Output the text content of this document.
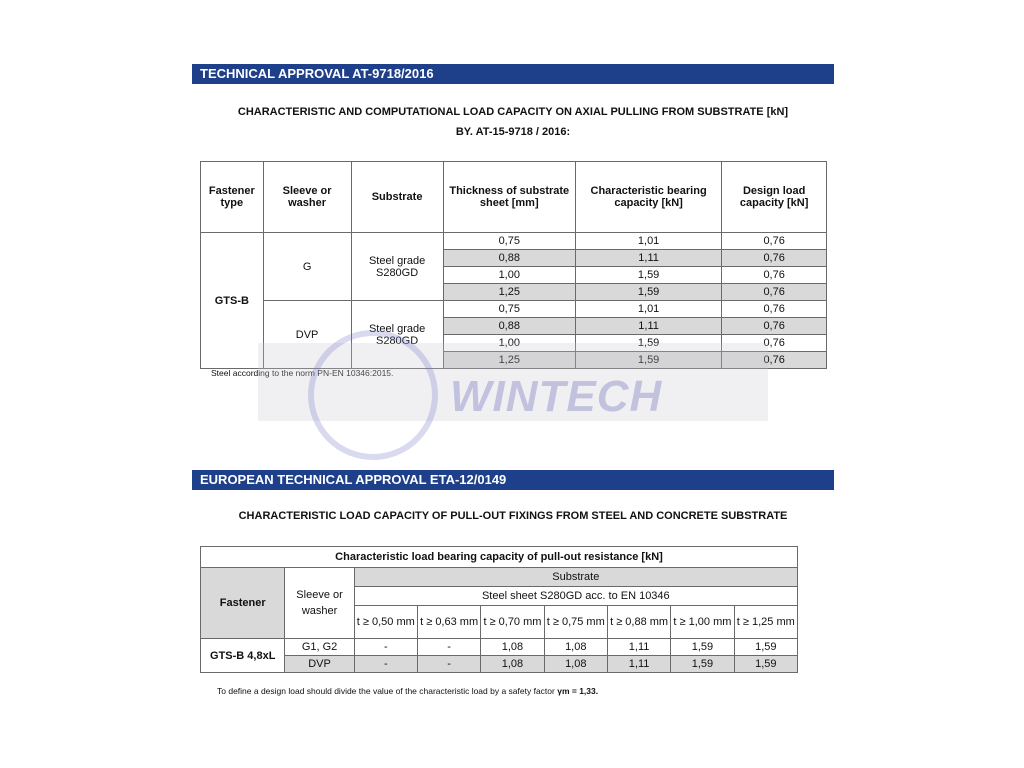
TECHNICAL APPROVAL AT-9718/2016
CHARACTERISTIC AND COMPUTATIONAL LOAD CAPACITY ON AXIAL PULLING FROM SUBSTRATE [kN]
BY. AT-15-9718 / 2016:
Fastener type	Sleeve or washer	Substrate	Thickness of substrate sheet [mm]	Characteristic bearing capacity [kN]	Design load capacity [kN]
GTS-B	G	Steel grade S280GD	0,75	1,01	0,76
			0,88	1,11	0,76
			1,00	1,59	0,76
			1,25	1,59	0,76
	DVP	Steel grade S280GD	0,75	1,01	0,76
			0,88	1,11	0,76
			1,00	1,59	0,76
			1,25	1,59	0,76
Steel according to the norm PN-EN 10346:2015. WINTECH
EUROPEAN TECHNICAL APPROVAL ETA-12/0149
CHARACTERISTIC LOAD CAPACITY OF PULL-OUT FIXINGS FROM STEEL AND CONCRETE SUBSTRATE
Characteristic load bearing capacity of pull-out resistance [kN]								
Fastener	Sleeve or washer	Substrate						
		Steel sheet S280GD acc. to EN 10346						
		t ≥ 0,50 mm	t ≥ 0,63 mm	t ≥ 0,70 mm	t ≥ 0,75 mm	t ≥ 0,88 mm	t ≥ 1,00 mm	t ≥ 1,25 mm
GTS-B 4,8xL	G1, G2	-	-	1,08	1,08	1,11	1,59	1,59
	DVP	-	-	1,08	1,08	1,11	1,59	1,59
To define a design load should divide the value of the characteristic load by a safety factor γm = 1,33.
